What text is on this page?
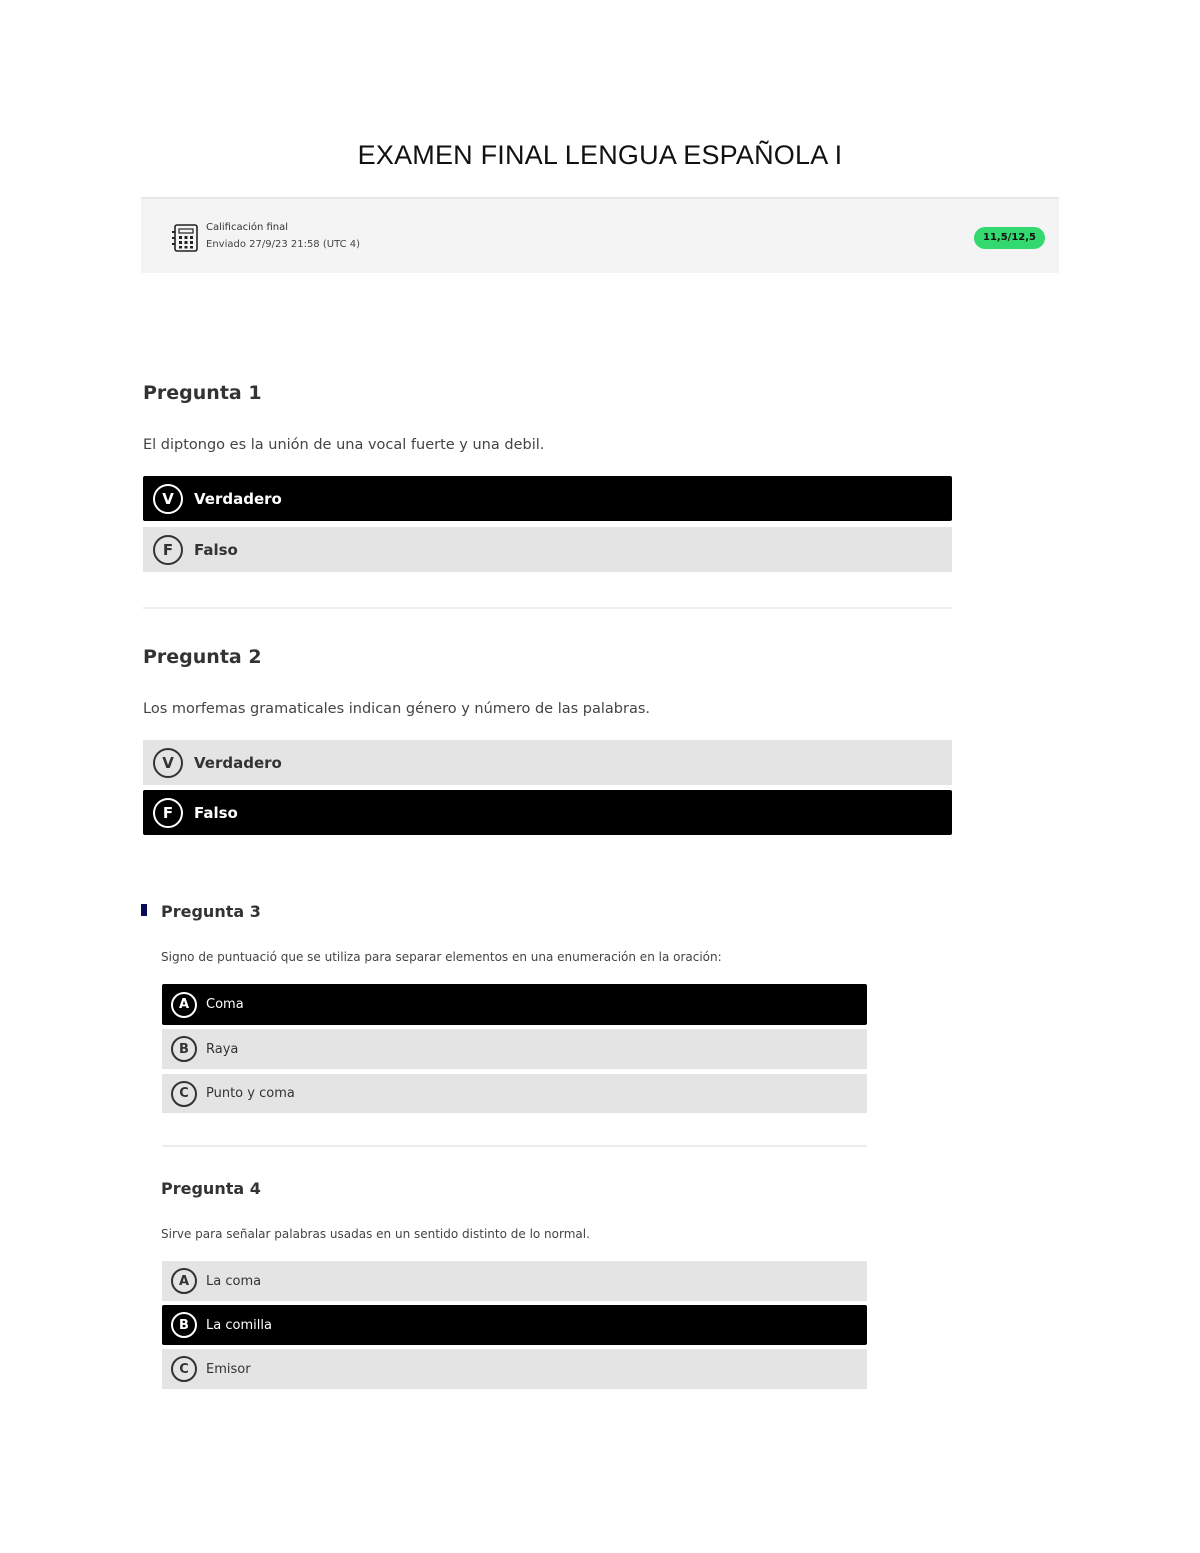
EXAMEN FINAL LENGUA ESPAÑOLA I
Calificación final
Enviado 27/9/23 21:58 (UTC 4)
11,5/12,5
Pregunta 1
El diptongo es la unión de una vocal fuerte y una debil.
V	Verdadero
F	Falso
Pregunta 2
Los morfemas gramaticales indican género y número de las palabras.
V	Verdadero
F	Falso
Pregunta 3
Signo de puntuació que se utiliza para separar elementos en una enumeración en la oración:
A	Coma
B	Raya
C	Punto y coma
Pregunta 4
Sirve para señalar palabras usadas en un sentido distinto de lo normal.
A	La coma
B	La comilla
C	Emisor
